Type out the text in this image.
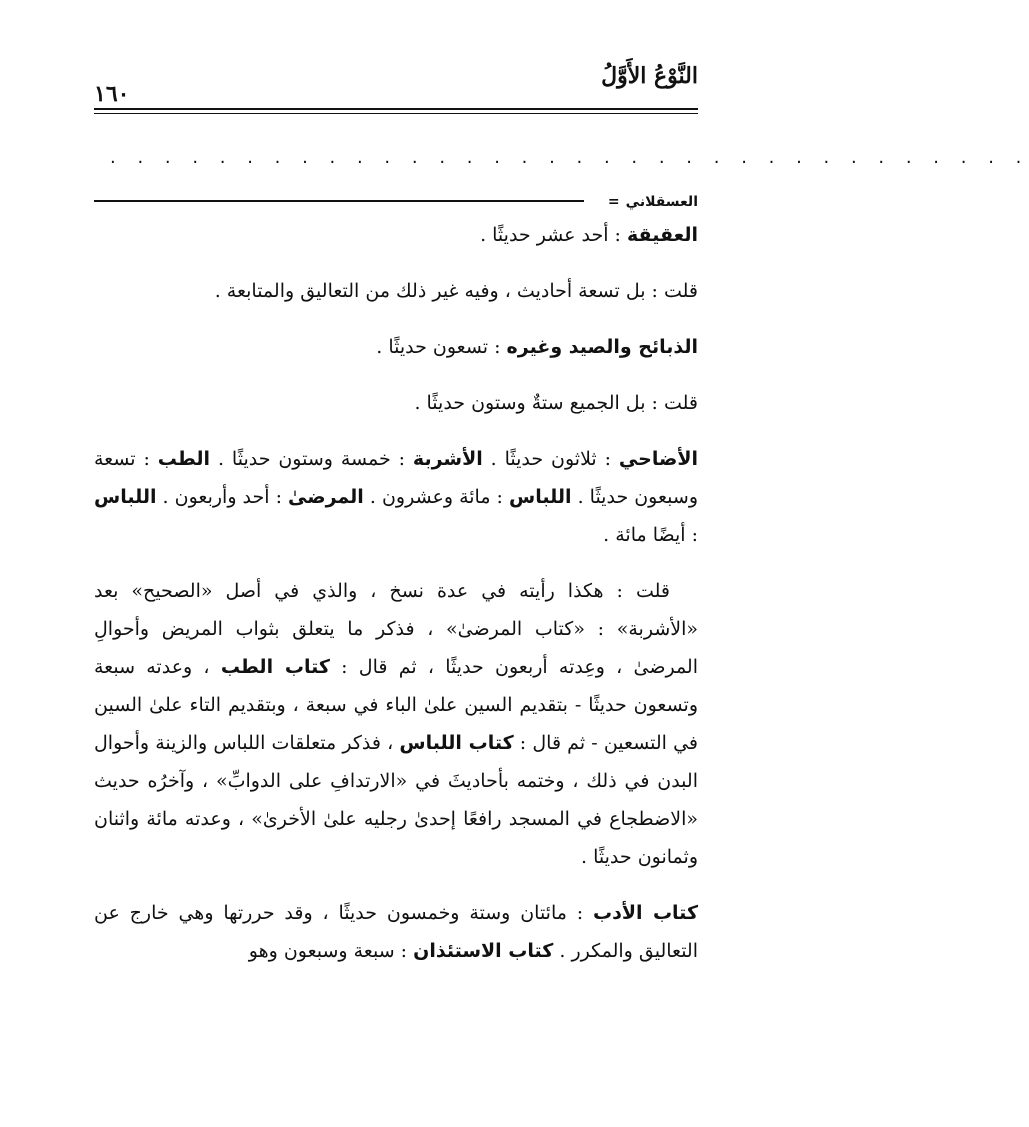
١٦٠
النَّوْعُ الأَوَّلُ
. . . . . . . . . . . . . . . . . . . . . . . . . . . . . . . . . .
العسقلاني
=

العقيقة : أحد عشر حديثًا .

قلت : بل تسعة أحاديث ، وفيه غير ذلك من التعاليق والمتابعة .

الذبائح والصيد وغيره : تسعون حديثًا .

قلت : بل الجميع ستةٌ وستون حديثًا .

الأضاحي : ثلاثون حديثًا . الأشربة : خمسة وستون حديثًا . الطب : تسعة وسبعون حديثًا . اللباس : مائة وعشرون . المرضىٰ : أحد وأربعون . اللباس : أيضًا مائة .

قلت : هكذا رأيته في عدة نسخ ، والذي في أصل «الصحيح» بعد «الأشربة» : «كتاب المرضىٰ» ، فذكر ما يتعلق بثواب المريض وأحوالِ المرضىٰ ، وعِدته أربعون حديثًا ، ثم قال : كتاب الطب ، وعدته سبعة وتسعون حديثًا - بتقديم السين علىٰ الباء في سبعة ، وبتقديم التاء علىٰ السين في التسعين - ثم قال : كتاب اللباس ، فذكر متعلقات اللباس والزينة وأحوال البدن في ذلك ، وختمه بأحاديثَ في «الارتدافِ على الدوابِّ» ، وآخرُه حديث «الاضطجاع في المسجد رافعًا إحدىٰ رجليه علىٰ الأخرىٰ» ، وعدته مائة واثنان وثمانون حديثًا .

كتاب الأدب : مائتان وستة وخمسون حديثًا ، وقد حررتها وهي خارج عن التعاليق والمكرر . كتاب الاستئذان : سبعة وسبعون وهو
